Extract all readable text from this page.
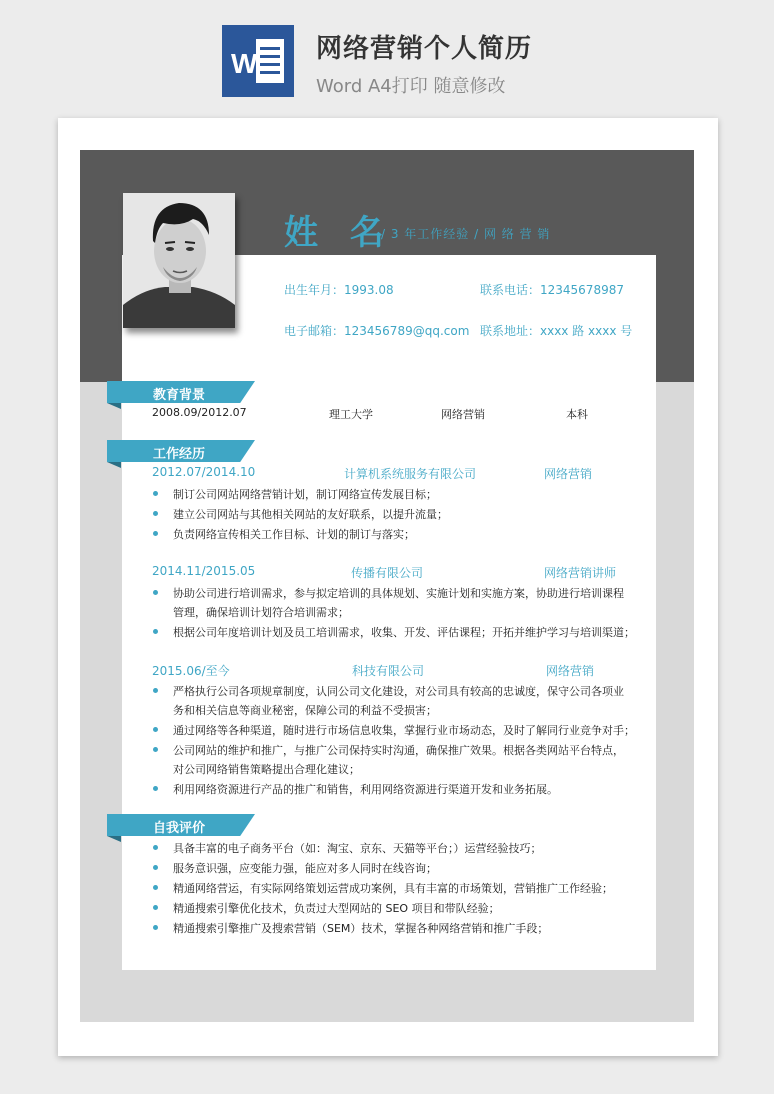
W 网络营销个人简历
Word A4打印 随意修改
姓 名
/ 3 年工作经验 / 网 络 营 销
出生年月：1993.08	联系电话：12345678987
电子邮箱：123456789@qq.com 联系地址：xxxx 路 xxxx 号
教育背景
2008.09/2012.07	理工大学	网络营销	本科
工作经历
2012.07/2014.10	计算机系统服务有限公司	网络营销
制订公司网站网络营销计划，制订网络宣传发展目标；
建立公司网站与其他相关网站的友好联系，以提升流量；
负责网络宣传相关工作目标、计划的制订与落实；
2014.11/2015.05	传播有限公司	网络营销讲师
协助公司进行培训需求，参与拟定培训的具体规划、实施计划和实施方案，协助进行培训课程
管理，确保培训计划符合培训需求；
根据公司年度培训计划及员工培训需求，收集、开发、评估课程；开拓并维护学习与培训渠道；
2015.06/至今	科技有限公司	网络营销
严格执行公司各项规章制度，认同公司文化建设，对公司具有较高的忠诚度，保守公司各项业
务和相关信息等商业秘密，保障公司的利益不受损害；
通过网络等各种渠道，随时进行市场信息收集，掌握行业市场动态，及时了解同行业竞争对手；
公司网站的维护和推广，与推广公司保持实时沟通，确保推广效果。根据各类网站平台特点，
对公司网络销售策略提出合理化建议；
利用网络资源进行产品的推广和销售，利用网络资源进行渠道开发和业务拓展。
自我评价
具备丰富的电子商务平台（如：淘宝、京东、天猫等平台；）运营经验技巧；
服务意识强，应变能力强，能应对多人同时在线咨询；
精通网络营运，有实际网络策划运营成功案例，具有丰富的市场策划，营销推广工作经验；
精通搜索引擎优化技术，负责过大型网站的 SEO 项目和带队经验；
精通搜索引擎推广及搜索营销（SEM）技术，掌握各种网络营销和推广手段；
